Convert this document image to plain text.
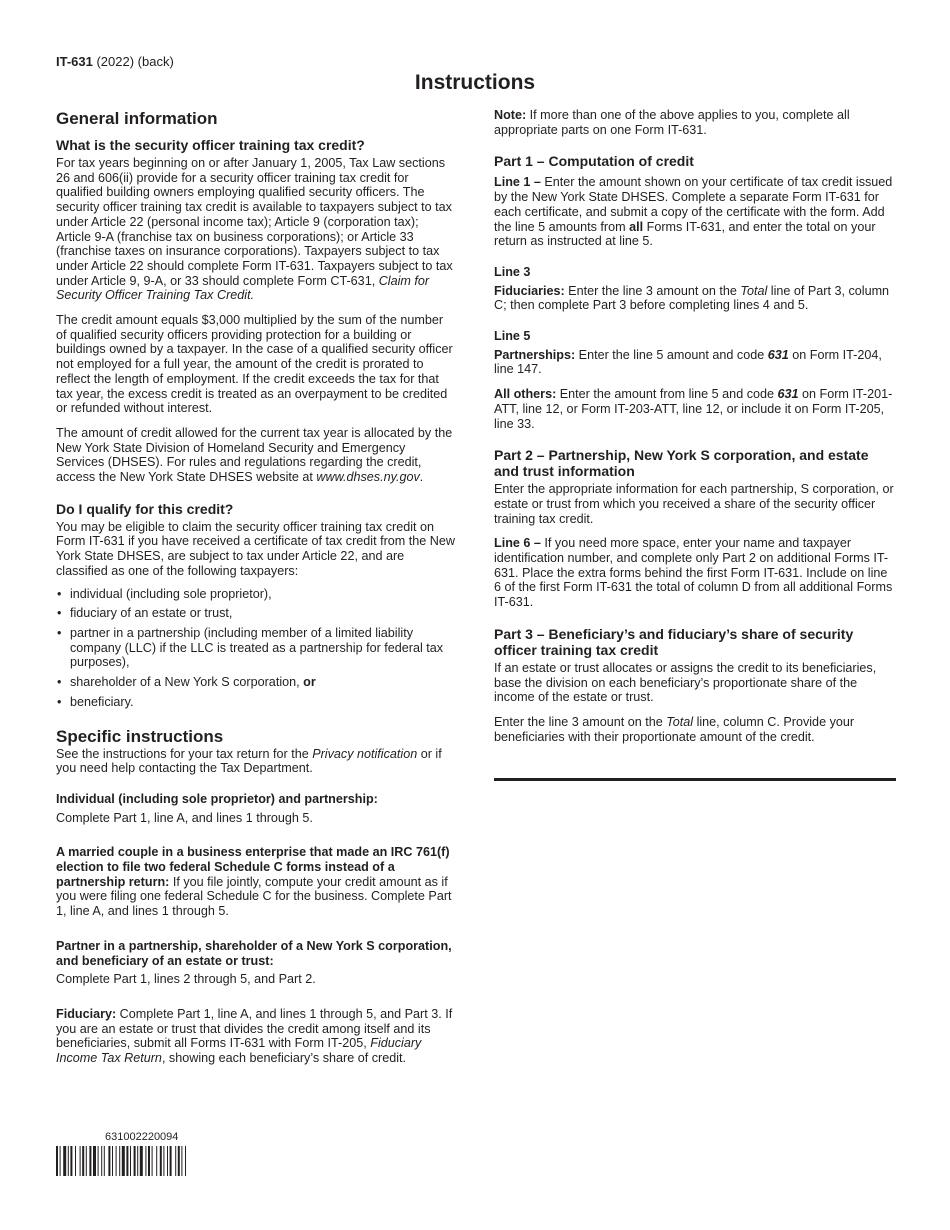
IT-631 (2022) (back)
Instructions
General information
What is the security officer training tax credit?

For tax years beginning on or after January 1, 2005, Tax Law sections 26 and 606(ii) provide for a security officer training tax credit for qualified building owners employing qualified security officers. The security officer training tax credit is available to taxpayers subject to tax under Article 22 (personal income tax); Article 9 (corporation tax); Article 9-A (franchise tax on business corporations); or Article 33 (franchise taxes on insurance corporations). Taxpayers subject to tax under Article 22 should complete Form IT-631. Taxpayers subject to tax under Article 9, 9-A, or 33 should complete Form CT-631, Claim for Security Officer Training Tax Credit.

The credit amount equals $3,000 multiplied by the sum of the number of qualified security officers providing protection for a building or buildings owned by a taxpayer. In the case of a qualified security officer not employed for a full year, the amount of the credit is prorated to reflect the length of employment. If the credit exceeds the tax for that tax year, the excess credit is treated as an overpayment to be credited or refunded without interest.

The amount of credit allowed for the current tax year is allocated by the New York State Division of Homeland Security and Emergency Services (DHSES). For rules and regulations regarding the credit, access the New York State DHSES website at www.dhses.ny.gov.

Do I qualify for this credit?

You may be eligible to claim the security officer training tax credit on Form IT-631 if you have received a certificate of tax credit from the New York State DHSES, are subject to tax under Article 22, and are classified as one of the following taxpayers:

• individual (including sole proprietor),
• fiduciary of an estate or trust,
• partner in a partnership (including member of a limited liability company (LLC) if the LLC is treated as a partnership for federal tax purposes),
• shareholder of a New York S corporation, or
• beneficiary.
Specific instructions

See the instructions for your tax return for the Privacy notification or if you need help contacting the Tax Department.

Individual (including sole proprietor) and partnership:

Complete Part 1, line A, and lines 1 through 5.

A married couple in a business enterprise that made an IRC 761(f) election to file two federal Schedule C forms instead of a partnership return: If you file jointly, compute your credit amount as if you were filing one federal Schedule C for the business. Complete Part 1, line A, and lines 1 through 5.

Partner in a partnership, shareholder of a New York S corporation, and beneficiary of an estate or trust:

Complete Part 1, lines 2 through 5, and Part 2.

Fiduciary: Complete Part 1, line A, and lines 1 through 5, and Part 3. If you are an estate or trust that divides the credit among itself and its beneficiaries, submit all Forms IT-631 with Form IT-205, Fiduciary Income Tax Return, showing each beneficiary’s share of credit.

Note: If more than one of the above applies to you, complete all appropriate parts on one Form IT-631.

Part 1 – Computation of credit

Line 1 – Enter the amount shown on your certificate of tax credit issued by the New York State DHSES. Complete a separate Form IT-631 for each certificate, and submit a copy of the certificate with the form. Add the line 5 amounts from all Forms IT-631, and enter the total on your return as instructed at line 5.

Line 3

Fiduciaries: Enter the line 3 amount on the Total line of Part 3, column C; then complete Part 3 before completing lines 4 and 5.

Line 5

Partnerships: Enter the line 5 amount and code 631 on Form IT-204, line 147.

All others: Enter the amount from line 5 and code 631 on Form IT-201-ATT, line 12, or Form IT-203-ATT, line 12, or include it on Form IT-205, line 33.

Part 2 – Partnership, New York S corporation, and estate and trust information

Enter the appropriate information for each partnership, S corporation, or estate or trust from which you received a share of the security officer training tax credit.

Line 6 – If you need more space, enter your name and taxpayer identification number, and complete only Part 2 on additional Forms IT-631. Place the extra forms behind the first Form IT-631. Include on line 6 of the first Form IT-631 the total of column D from all additional Forms IT-631.

Part 3 – Beneficiary’s and fiduciary’s share of security officer training tax credit

If an estate or trust allocates or assigns the credit to its beneficiaries, base the division on each beneficiary’s proportionate share of the income of the estate or trust.

Enter the line 3 amount on the Total line, column C. Provide your beneficiaries with their proportionate amount of the credit.

631002220094
